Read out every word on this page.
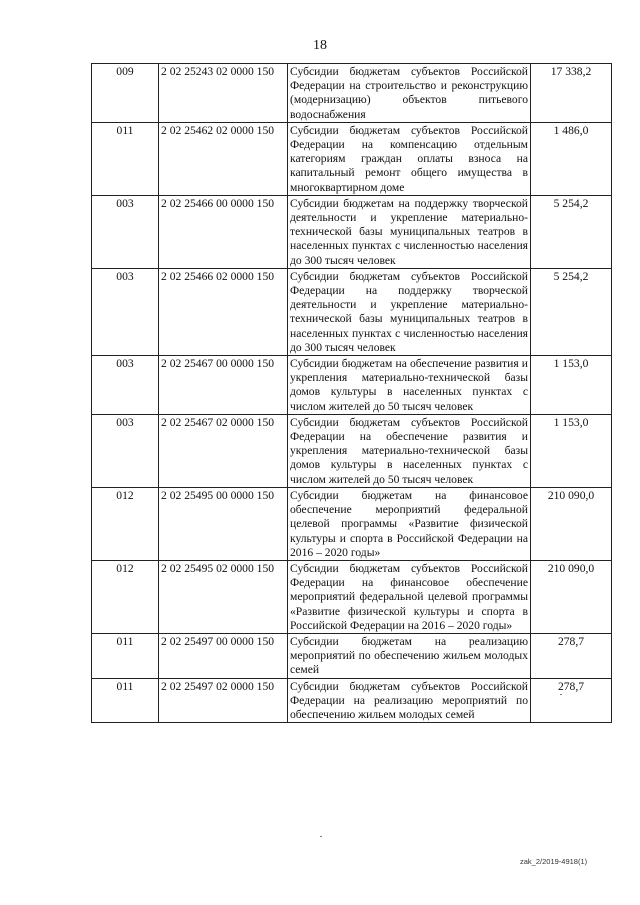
18
009	2 02 25243 02 0000 150	Субсидии бюджетам субъектов Российской Федерации на строительство и реконструкцию (модернизацию) объектов питьевого водоснабжения	17 338,2
011	2 02 25462 02 0000 150	Субсидии бюджетам субъектов Российской Федерации на компенсацию отдельным категориям граждан оплаты взноса на капитальный ремонт общего имущества в многоквартирном доме	1 486,0
003	2 02 25466 00 0000 150	Субсидии бюджетам на поддержку творческой деятельности и укрепление материально-технической базы муниципальных театров в населенных пунктах с численностью населения до 300 тысяч человек	5 254,2
003	2 02 25466 02 0000 150	Субсидии бюджетам субъектов Российской Федерации на поддержку творческой деятельности и укрепление материально-технической базы муниципальных театров в населенных пунктах с численностью населения до 300 тысяч человек	5 254,2
003	2 02 25467 00 0000 150	Субсидии бюджетам на обеспечение развития и укрепления материально-технической базы домов культуры в населенных пунктах с числом жителей до 50 тысяч человек	1 153,0
003	2 02 25467 02 0000 150	Субсидии бюджетам субъектов Российской Федерации на обеспечение развития и укрепления материально-технической базы домов культуры в населенных пунктах с числом жителей до 50 тысяч человек	1 153,0
012	2 02 25495 00 0000 150	Субсидии бюджетам на финансовое обеспечение мероприятий федеральной целевой программы «Развитие физической культуры и спорта в Российской Федерации на 2016 – 2020 годы»	210 090,0
012	2 02 25495 02 0000 150	Субсидии бюджетам субъектов Российской Федерации на финансовое обеспечение мероприятий федеральной целевой программы «Развитие физической культуры и спорта в Российской Федерации на 2016 – 2020 годы»	210 090,0
011	2 02 25497 00 0000 150	Субсидии бюджетам на реализацию мероприятий по обеспечению жильем молодых семей	278,7
011	2 02 25497 02 0000 150	Субсидии бюджетам субъектов Российской Федерации на реализацию мероприятий по обеспечению жильем молодых семей	278,7
zak_2/2019-4918(1)
